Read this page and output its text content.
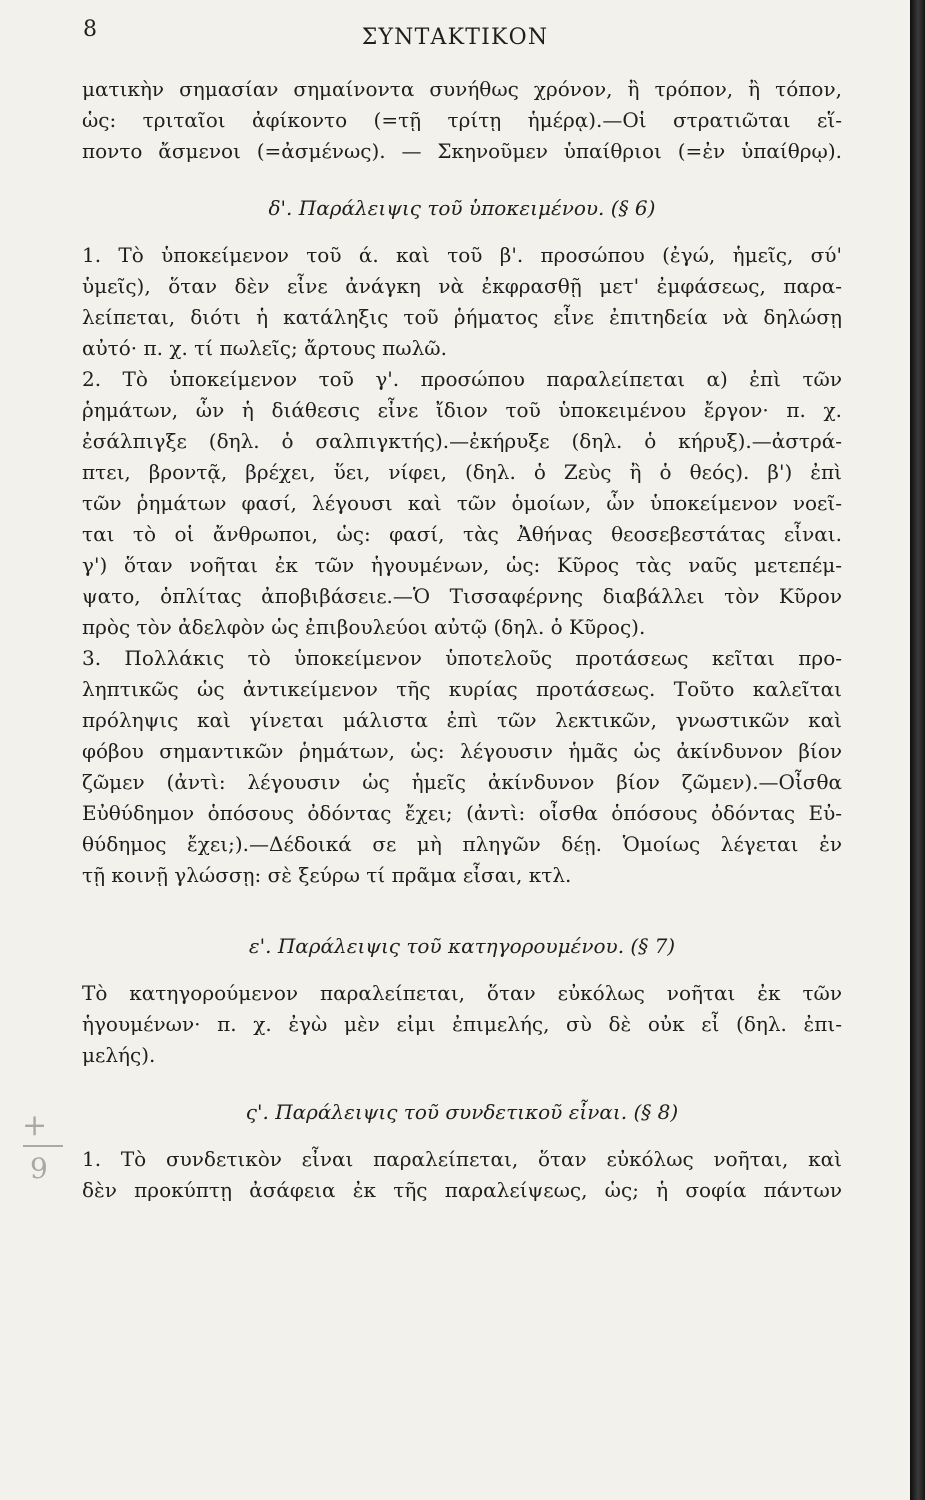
8	ΣΥΝΤΑΚΤΙΚΟΝ
+
9
ματικὴν σημασίαν σημαίνοντα συνήθως χρόνον, ἢ τρόπον, ἢ τόπον,
ὡς: τριταῖοι ἀφίκοντο (=τῇ τρίτῃ ἡμέρᾳ).—Οἱ στρατιῶται εἵ-
ποντο ἄσμενοι (=ἀσμένως). — Σκηνοῦμεν ὑπαίθριοι (=ἐν ὑπαίθρῳ).
δ'. Παράλειψις τοῦ ὑποκειμένου. (§ 6)
1. Τὸ ὑποκείμενον τοῦ ά. καὶ τοῦ β'. προσώπου (ἐγώ, ἡμεῖς, σύ'
ὑμεῖς), ὅταν δὲν εἶνε ἀνάγκη νὰ ἐκφρασθῇ μετ' ἐμφάσεως, παρα-
λείπεται, διότι ἡ κατάληξις τοῦ ῥήματος εἶνε ἐπιτηδεία νὰ δηλώσῃ
αὐτό· π. χ. τί πωλεῖς; ἄρτους πωλῶ.
2. Τὸ ὑποκείμενον τοῦ γ'. προσώπου παραλείπεται α) ἐπὶ τῶν
ῥημάτων, ὧν ἡ διάθεσις εἶνε ἴδιον τοῦ ὑποκειμένου ἔργον· π. χ.
ἐσάλπιγξε (δηλ. ὁ σαλπιγκτής).—ἐκήρυξε (δηλ. ὁ κήρυξ).—ἀστρά-
πτει, βροντᾷ, βρέχει, ὕει, νίφει, (δηλ. ὁ Ζεὺς ἢ ὁ θεός). β') ἐπὶ
τῶν ῥημάτων φασί, λέγουσι καὶ τῶν ὁμοίων, ὧν ὑποκείμενον νοεῖ-
ται τὸ οἱ ἄνθρωποι, ὡς: φασί, τὰς Ἀθήνας θεοσεβεστάτας εἶναι.
γ') ὅταν νοῆται ἐκ τῶν ἡγουμένων, ὡς: Κῦρος τὰς ναῦς μετεπέμ-
ψατο, ὁπλίτας ἀποβιβάσειε.—Ὁ Τισσαφέρνης διαβάλλει τὸν Κῦρον
πρὸς τὸν ἀδελφὸν ὡς ἐπιβουλεύοι αὐτῷ (δηλ. ὁ Κῦρος).
3. Πολλάκις τὸ ὑποκείμενον ὑποτελοῦς προτάσεως κεῖται προ-
ληπτικῶς ὡς ἀντικείμενον τῆς κυρίας προτάσεως. Τοῦτο καλεῖται
πρόληψις καὶ γίνεται μάλιστα ἐπὶ τῶν λεκτικῶν, γνωστικῶν καὶ
φόβου σημαντικῶν ῥημάτων, ὡς: λέγουσιν ἡμᾶς ὡς ἀκίνδυνον βίον
ζῶμεν (ἀντὶ: λέγουσιν ὡς ἡμεῖς ἀκίνδυνον βίον ζῶμεν).—Οἶσθα
Εὐθύδημον ὁπόσους ὀδόντας ἔχει; (ἀντὶ: οἶσθα ὁπόσους ὀδόντας Εὐ-
θύδημος ἔχει;).—Δέδοικά σε μὴ πληγῶν δέῃ. Ὁμοίως λέγεται ἐν
τῇ κοινῇ γλώσσῃ: σὲ ξεύρω τί πρᾶμα εἶσαι, κτλ.
ε'. Παράλειψις τοῦ κατηγορουμένου. (§ 7)
Τὸ κατηγορούμενον παραλείπεται, ὅταν εὐκόλως νοῆται ἐκ τῶν
ἡγουμένων· π. χ. ἐγὼ μὲν εἰμι ἐπιμελής, σὺ δὲ οὐκ εἶ (δηλ. ἐπι-
μελής).
ς'. Παράλειψις τοῦ συνδετικοῦ εἶναι. (§ 8)
1. Τὸ συνδετικὸν εἶναι παραλείπεται, ὅταν εὐκόλως νοῆται, καὶ
δὲν προκύπτῃ ἀσάφεια ἐκ τῆς παραλείψεως, ὡς; ἡ σοφία πάντων
